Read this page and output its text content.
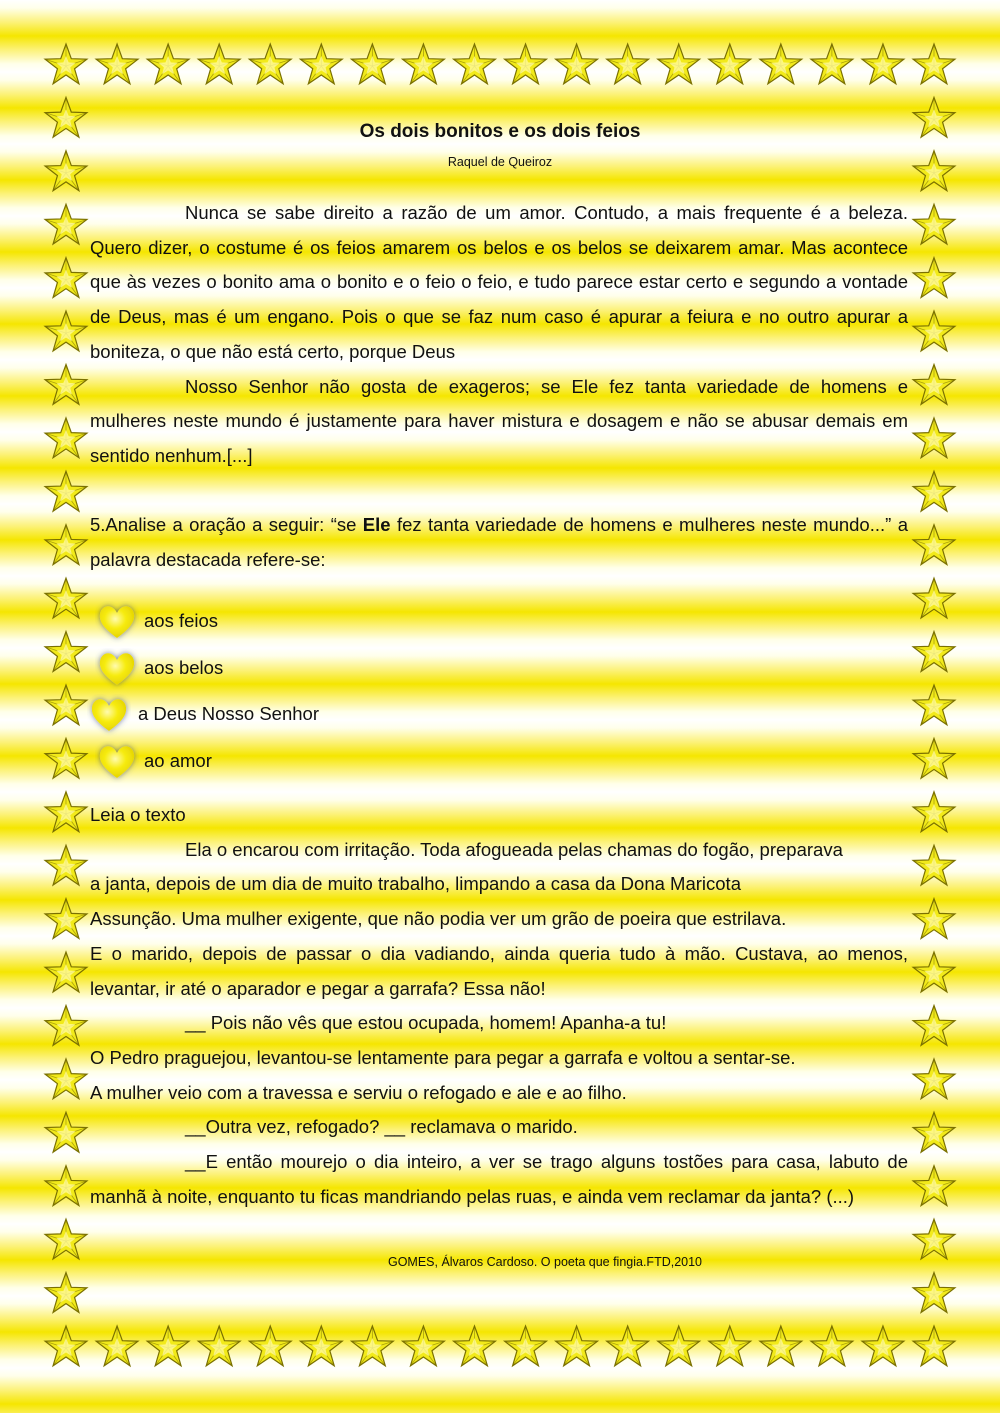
Os dois bonitos e os dois feios
Raquel de Queiroz

Nunca se sabe direito a razão de um amor. Contudo, a mais frequente é a beleza. Quero dizer, o costume é os feios amarem os belos e os belos se deixarem amar. Mas acontece que às vezes o bonito ama o bonito e o feio o feio, e tudo parece estar certo e segundo a vontade de Deus, mas é um engano. Pois o que se faz num caso é apurar a feiura e no outro apurar a boniteza, o que não está certo, porque Deus

Nosso Senhor não gosta de exageros; se Ele fez tanta variedade de homens e mulheres neste mundo é justamente para haver mistura e dosagem e não se abusar demais em sentido nenhum.[...]

5.Analise a oração a seguir: “se Ele fez tanta variedade de homens e mulheres neste mundo...” a palavra destacada refere-se:

aos feios
aos belos
a Deus Nosso Senhor
ao amor

Leia o texto

Ela o encarou com irritação. Toda afogueada pelas chamas do fogão, preparava

a janta, depois de um dia de muito trabalho, limpando a casa da Dona Maricota

Assunção. Uma mulher exigente, que não podia ver um grão de poeira que estrilava.

E o marido, depois de passar o dia vadiando, ainda queria tudo à mão. Custava, ao menos, levantar, ir até o aparador e pegar a garrafa? Essa não!

__ Pois não vês que estou ocupada, homem! Apanha-a tu!

O Pedro praguejou, levantou-se lentamente para pegar a garrafa e voltou a sentar-se.

A mulher veio com a travessa e serviu o refogado e ale e ao filho.

__Outra vez, refogado? __ reclamava o marido.

__E então mourejo o dia inteiro, a ver se trago alguns tostões para casa, labuto de manhã à noite, enquanto tu ficas mandriando pelas ruas, e ainda vem reclamar da janta? (...)

GOMES, Álvaros Cardoso. O poeta que fingia.FTD,2010
